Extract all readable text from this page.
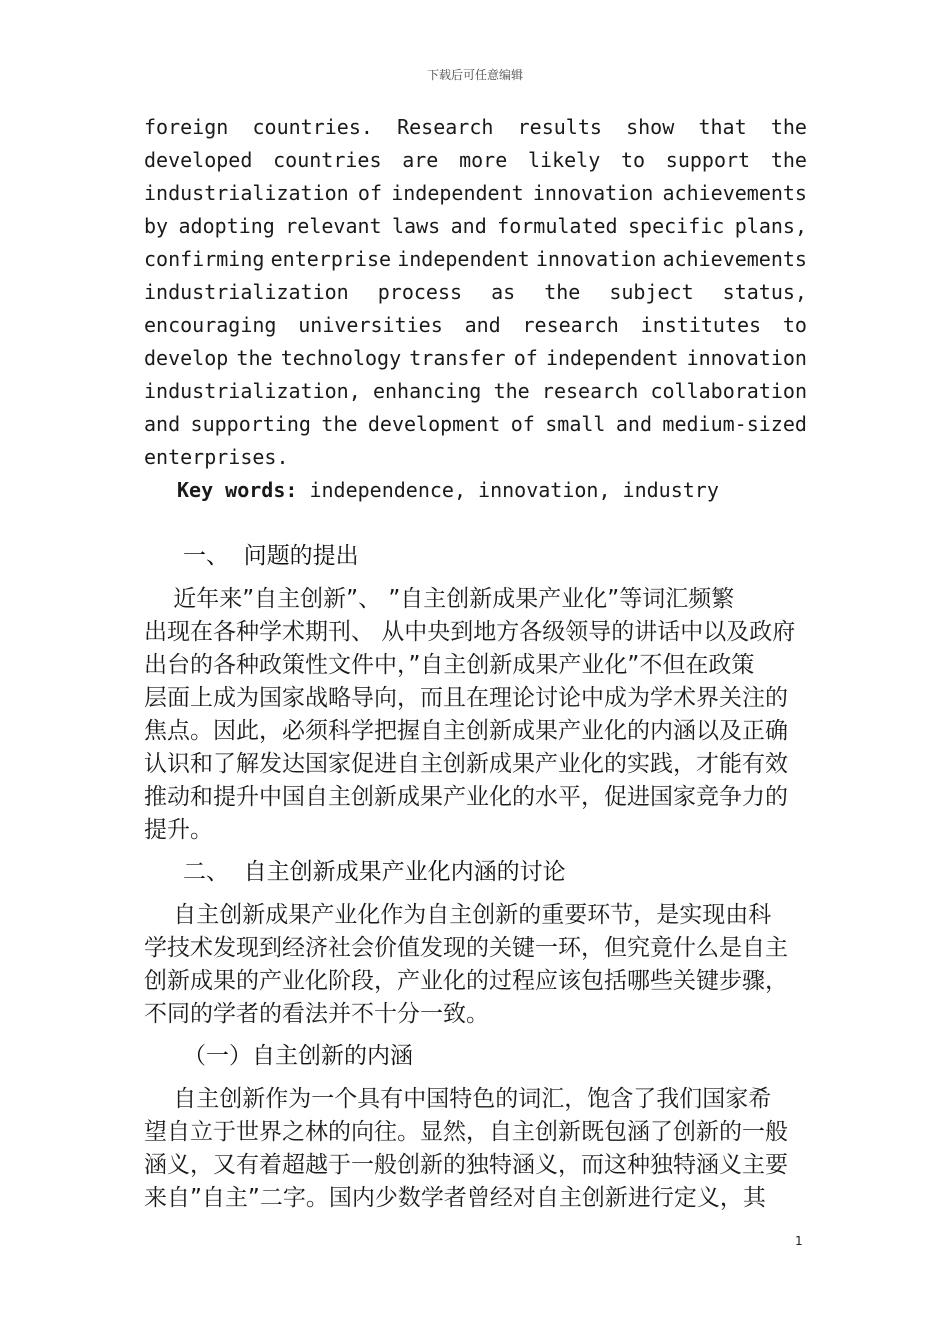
下载后可任意编辑
foreign countries. Research results show that the
developed countries are more likely to support the
industrialization of independent innovation achievements
by adopting relevant laws and formulated specific plans,
confirming enterprise independent innovation achievements
industrialization process as the subject status,
encouraging universities and research institutes to
develop the technology transfer of independent innovation
industrialization, enhancing the research collaboration
and supporting the development of small and medium-sized
enterprises.
Key words: independence, innovation, industry
一、  问题的提出
近年来”自主创新”、 ”自主创新成果产业化”等词汇频繁
出现在各种学术期刊、 从中央到地方各级领导的讲话中以及政府
出台的各种政策性文件中，”自主创新成果产业化”不但在政策
层面上成为国家战略导向，而且在理论讨论中成为学术界关注的
焦点。因此，必须科学把握自主创新成果产业化的内涵以及正确
认识和了解发达国家促进自主创新成果产业化的实践，才能有效
推动和提升中国自主创新成果产业化的水平，促进国家竞争力的
提升。
二、  自主创新成果产业化内涵的讨论
自主创新成果产业化作为自主创新的重要环节，是实现由科
学技术发现到经济社会价值发现的关键一环，但究竟什么是自主
创新成果的产业化阶段，产业化的过程应该包括哪些关键步骤，
不同的学者的看法并不十分一致。
（一）自主创新的内涵
自主创新作为一个具有中国特色的词汇，饱含了我们国家希
望自立于世界之林的向往。显然，自主创新既包涵了创新的一般
涵义，又有着超越于一般创新的独特涵义，而这种独特涵义主要
来自”自主”二字。国内少数学者曾经对自主创新进行定义，其
1
